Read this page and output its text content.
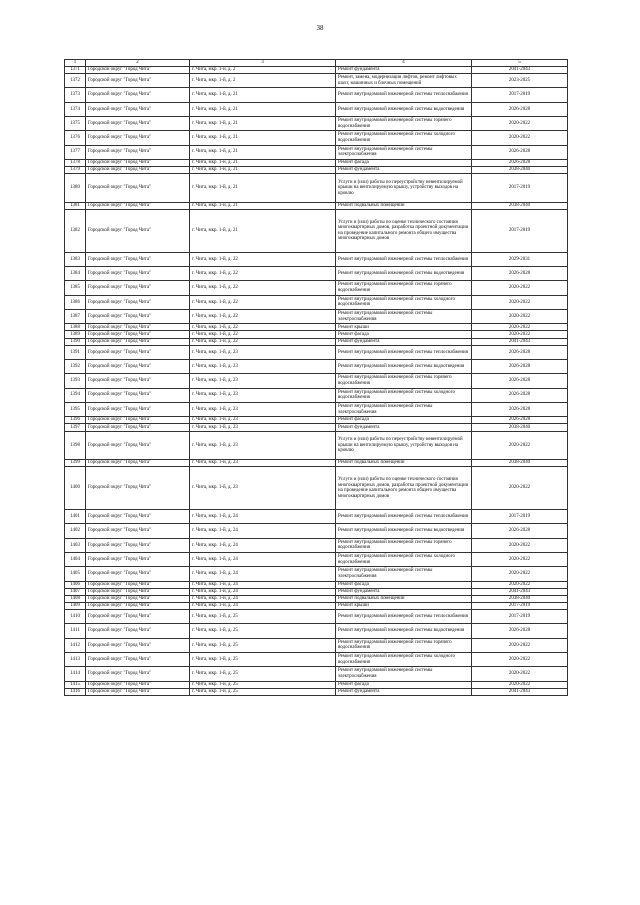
38
1	2	3	4	5
1371	Городской округ "Город Чита"	г. Чита, мкр. 1-й, д. 2	Ремонт фундамента	2041-2043
1372	Городской округ "Город Чита"	г. Чита, мкр. 1-й, д. 2	Ремонт, замена, модернизация лифтов, ремонт лифтовых шахт, машинных и блочных помещений	2023-2025
1373	Городской округ "Город Чита"	г. Чита, мкр. 1-й, д. 21	Ремонт внутридомовой инженерной системы теплоснабжения	2017-2019
1374	Городской округ "Город Чита"	г. Чита, мкр. 1-й, д. 21	Ремонт внутридомовой инженерной системы водоотведения	2026-2028
1375	Городской округ "Город Чита"	г. Чита, мкр. 1-й, д. 21	Ремонт внутридомовой инженерной системы горячего водоснабжения	2020-2022
1376	Городской округ "Город Чита"	г. Чита, мкр. 1-й, д. 21	Ремонт внутридомовой инженерной системы холодного водоснабжения	2020-2022
1377	Городской округ "Город Чита"	г. Чита, мкр. 1-й, д. 21	Ремонт внутридомовой инженерной системы электроснабжения	2026-2028
1378	Городской округ "Город Чита"	г. Чита, мкр. 1-й, д. 21	Ремонт фасада	2026-2028
1379	Городской округ "Город Чита"	г. Чита, мкр. 1-й, д. 21	Ремонт фундамента	2038-2040
1380	Городской округ "Город Чита"	г. Чита, мкр. 1-й, д. 21	Услуги и (или) работы по переустройству невентилируемой крыши на вентилируемую крышу, устройству выходов на кровлю	2017-2019
1381	Городской округ "Город Чита"	г. Чита, мкр. 1-й, д. 21	Ремонт подвальных помещений	2038-2040
1382	Городской округ "Город Чита"	г. Чита, мкр. 1-й, д. 21	Услуги и (или) работы по оценке технического состояния многоквартирных домов, разработка проектной документации на проведение капитального ремонта общего имущества многоквартирных домов	2017-2019
1383	Городской округ "Город Чита"	г. Чита, мкр. 1-й, д. 22	Ремонт внутридомовой инженерной системы теплоснабжения	2029-2031
1384	Городской округ "Город Чита"	г. Чита, мкр. 1-й, д. 22	Ремонт внутридомовой инженерной системы водоотведения	2026-2028
1385	Городской округ "Город Чита"	г. Чита, мкр. 1-й, д. 22	Ремонт внутридомовой инженерной системы горячего водоснабжения	2020-2022
1386	Городской округ "Город Чита"	г. Чита, мкр. 1-й, д. 22	Ремонт внутридомовой инженерной системы холодного водоснабжения	2020-2022
1387	Городской округ "Город Чита"	г. Чита, мкр. 1-й, д. 22	Ремонт внутридомовой инженерной системы электроснабжения	2020-2022
1388	Городской округ "Город Чита"	г. Чита, мкр. 1-й, д. 22	Ремонт крыши	2020-2022
1389	Городской округ "Город Чита"	г. Чита, мкр. 1-й, д. 22	Ремонт фасада	2020-2022
1390	Городской округ "Город Чита"	г. Чита, мкр. 1-й, д. 22	Ремонт фундамента	2041-2043
1391	Городской округ "Город Чита"	г. Чита, мкр. 1-й, д. 23	Ремонт внутридомовой инженерной системы теплоснабжения	2026-2028
1392	Городской округ "Город Чита"	г. Чита, мкр. 1-й, д. 23	Ремонт внутридомовой инженерной системы водоотведения	2026-2028
1393	Городской округ "Город Чита"	г. Чита, мкр. 1-й, д. 23	Ремонт внутридомовой инженерной системы горячего водоснабжения	2026-2028
1394	Городской округ "Город Чита"	г. Чита, мкр. 1-й, д. 23	Ремонт внутридомовой инженерной системы холодного водоснабжения	2026-2028
1395	Городской округ "Город Чита"	г. Чита, мкр. 1-й, д. 23	Ремонт внутридомовой инженерной системы электроснабжения	2026-2028
1396	Городской округ "Город Чита"	г. Чита, мкр. 1-й, д. 23	Ремонт фасада	2026-2028
1397	Городской округ "Город Чита"	г. Чита, мкр. 1-й, д. 23	Ремонт фундамента	2038-2040
1398	Городской округ "Город Чита"	г. Чита, мкр. 1-й, д. 23	Услуги и (или) работы по переустройству невентилируемой крыши на вентилируемую крышу, устройству выходов на кровлю	2020-2022
1399	Городской округ "Город Чита"	г. Чита, мкр. 1-й, д. 23	Ремонт подвальных помещений	2038-2040
1400	Городской округ "Город Чита"	г. Чита, мкр. 1-й, д. 23	Услуги и (или) работы по оценке технического состояния многоквартирных домов, разработка проектной документации на проведение капитального ремонта общего имущества многоквартирных домов	2020-2022
1401	Городской округ "Город Чита"	г. Чита, мкр. 1-й, д. 24	Ремонт внутридомовой инженерной системы теплоснабжения	2017-2019
1402	Городской округ "Город Чита"	г. Чита, мкр. 1-й, д. 24	Ремонт внутридомовой инженерной системы водоотведения	2026-2028
1403	Городской округ "Город Чита"	г. Чита, мкр. 1-й, д. 24	Ремонт внутридомовой инженерной системы горячего водоснабжения	2020-2022
1404	Городской округ "Город Чита"	г. Чита, мкр. 1-й, д. 24	Ремонт внутридомовой инженерной системы холодного водоснабжения	2020-2022
1405	Городской округ "Город Чита"	г. Чита, мкр. 1-й, д. 24	Ремонт внутридомовой инженерной системы электроснабжения	2020-2022
1406	Городской округ "Город Чита"	г. Чита, мкр. 1-й, д. 24	Ремонт фасада	2020-2022
1407	Городской округ "Город Чита"	г. Чита, мкр. 1-й, д. 24	Ремонт фундамента	2041-2043
1408	Городской округ "Город Чита"	г. Чита, мкр. 1-й, д. 24	Ремонт подвальных помещений	2038-2040
1409	Городской округ "Город Чита"	г. Чита, мкр. 1-й, д. 24	Ремонт крыши	2017-2019
1410	Городской округ "Город Чита"	г. Чита, мкр. 1-й, д. 25	Ремонт внутридомовой инженерной системы теплоснабжения	2017-2019
1411	Городской округ "Город Чита"	г. Чита, мкр. 1-й, д. 25	Ремонт внутридомовой инженерной системы водоотведения	2026-2028
1412	Городской округ "Город Чита"	г. Чита, мкр. 1-й, д. 25	Ремонт внутридомовой инженерной системы горячего водоснабжения	2020-2022
1413	Городской округ "Город Чита"	г. Чита, мкр. 1-й, д. 25	Ремонт внутридомовой инженерной системы холодного водоснабжения	2020-2022
1414	Городской округ "Город Чита"	г. Чита, мкр. 1-й, д. 25	Ремонт внутридомовой инженерной системы электроснабжения	2020-2022
1415	Городской округ "Город Чита"	г. Чита, мкр. 1-й, д. 25	Ремонт фасада	2020-2022
1416	Городской округ "Город Чита"	г. Чита, мкр. 1-й, д. 25	Ремонт фундамента	2041-2043
